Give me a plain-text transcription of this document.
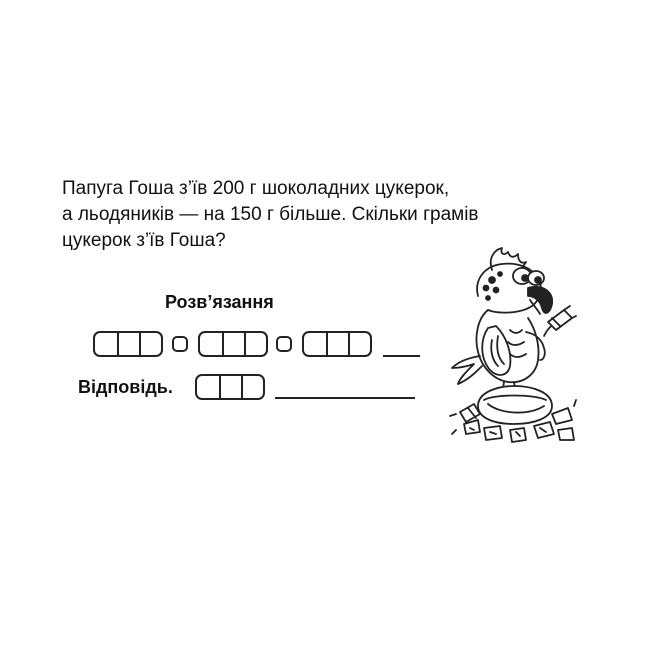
Папуга Гоша з’їв 200 г шоколадних цукерок,
а льодяників — на 150 г більше. Скільки грамів
цукерок з’їв Гоша?
Розв’язання
Відповідь.
